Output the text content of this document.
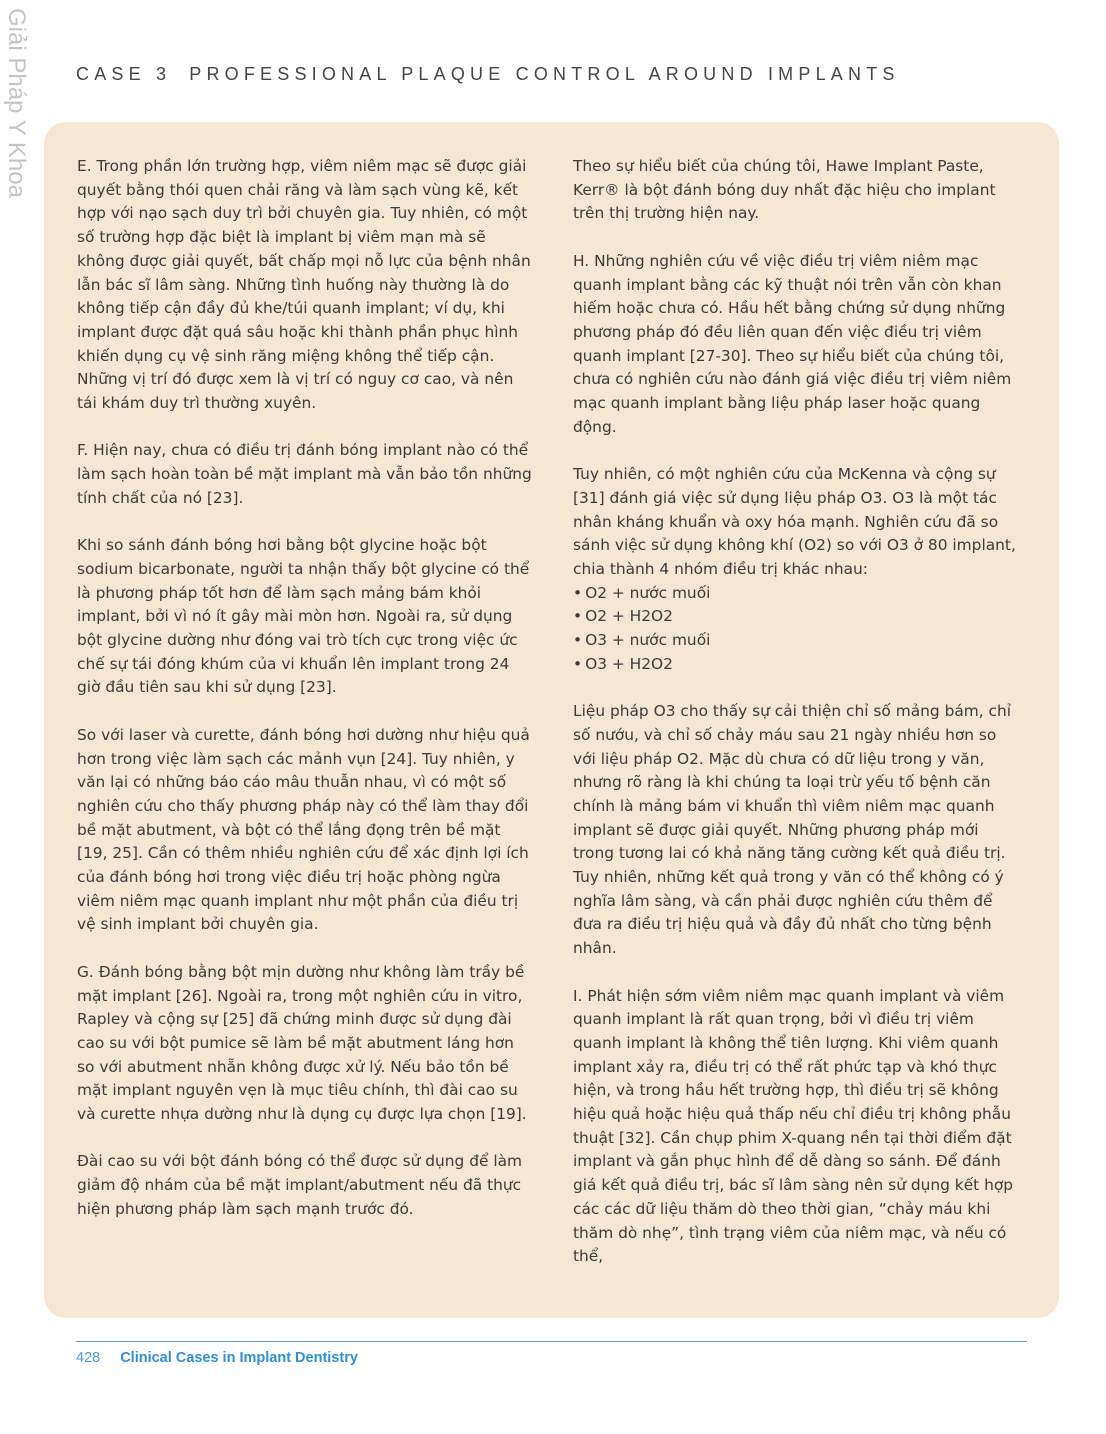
Giải Pháp Y Khoa	CASE 3 PROFESSIONAL PLAQUE CONTROL AROUND IMPLANTS

E. Trong phần lớn trường hợp, viêm niêm mạc sẽ được giải quyết bằng thói quen chải răng và làm sạch vùng kẽ, kết hợp với nạo sạch duy trì bởi chuyên gia. Tuy nhiên, có một số trường hợp đặc biệt là implant bị viêm mạn mà sẽ không được giải quyết, bất chấp mọi nỗ lực của bệnh nhân lẫn bác sĩ lâm sàng. Những tình huống này thường là do không tiếp cận đầy đủ khe/túi quanh implant; ví dụ, khi implant được đặt quá sâu hoặc khi thành phần phục hình khiến dụng cụ vệ sinh răng miệng không thể tiếp cận. Những vị trí đó được xem là vị trí có nguy cơ cao, và nên tái khám duy trì thường xuyên.

F. Hiện nay, chưa có điều trị đánh bóng implant nào có thể làm sạch hoàn toàn bề mặt implant mà vẫn bảo tồn những tính chất của nó [23].

Khi so sánh đánh bóng hơi bằng bột glycine hoặc bột sodium bicarbonate, người ta nhận thấy bột glycine có thể là phương pháp tốt hơn để làm sạch mảng bám khỏi implant, bởi vì nó ít gây mài mòn hơn. Ngoài ra, sử dụng bột glycine dường như đóng vai trò tích cực trong việc ức chế sự tái đóng khúm của vi khuẩn lên implant trong 24 giờ đầu tiên sau khi sử dụng [23].

So với laser và curette, đánh bóng hơi dường như hiệu quả hơn trong việc làm sạch các mảnh vụn [24]. Tuy nhiên, y văn lại có những báo cáo mâu thuẫn nhau, vì có một số nghiên cứu cho thấy phương pháp này có thể làm thay đổi bề mặt abutment, và bột có thể lắng đọng trên bề mặt [19, 25]. Cần có thêm nhiều nghiên cứu để xác định lợi ích của đánh bóng hơi trong việc điều trị hoặc phòng ngừa viêm niêm mạc quanh implant như một phần của điều trị vệ sinh implant bởi chuyên gia.

G. Đánh bóng bằng bột mịn dường như không làm trầy bề mặt implant [26]. Ngoài ra, trong một nghiên cứu in vitro, Rapley và cộng sự [25] đã chứng minh được sử dụng đài cao su với bột pumice sẽ làm bề mặt abutment láng hơn so với abutment nhẵn không được xử lý. Nếu bảo tồn bề mặt implant nguyên vẹn là mục tiêu chính, thì đài cao su và curette nhựa dường như là dụng cụ được lựa chọn [19].

Đài cao su với bột đánh bóng có thể được sử dụng để làm giảm độ nhám của bề mặt implant/abutment nếu đã thực hiện phương pháp làm sạch mạnh trước đó.

Theo sự hiểu biết của chúng tôi, Hawe Implant Paste, Kerr® là bột đánh bóng duy nhất đặc hiệu cho implant trên thị trường hiện nay.

H. Những nghiên cứu về việc điều trị viêm niêm mạc quanh implant bằng các kỹ thuật nói trên vẫn còn khan hiếm hoặc chưa có. Hầu hết bằng chứng sử dụng những phương pháp đó đều liên quan đến việc điều trị viêm quanh implant [27-30]. Theo sự hiểu biết của chúng tôi, chưa có nghiên cứu nào đánh giá việc điều trị viêm niêm mạc quanh implant bằng liệu pháp laser hoặc quang động.

Tuy nhiên, có một nghiên cứu của McKenna và cộng sự [31] đánh giá việc sử dụng liệu pháp O3. O3 là một tác nhân kháng khuẩn và oxy hóa mạnh. Nghiên cứu đã so sánh việc sử dụng không khí (O2) so với O3 ở 80 implant, chia thành 4 nhóm điều trị khác nhau:

• O2 + nước muối
• O2 + H2O2
• O3 + nước muối
• O3 + H2O2

Liệu pháp O3 cho thấy sự cải thiện chỉ số mảng bám, chỉ số nướu, và chỉ số chảy máu sau 21 ngày nhiều hơn so với liệu pháp O2. Mặc dù chưa có dữ liệu trong y văn, nhưng rõ ràng là khi chúng ta loại trừ yếu tố bệnh căn chính là mảng bám vi khuẩn thì viêm niêm mạc quanh implant sẽ được giải quyết. Những phương pháp mới trong tương lai có khả năng tăng cường kết quả điều trị. Tuy nhiên, những kết quả trong y văn có thể không có ý nghĩa lâm sàng, và cần phải được nghiên cứu thêm để đưa ra điều trị hiệu quả và đầy đủ nhất cho từng bệnh nhân.

I. Phát hiện sớm viêm niêm mạc quanh implant và viêm quanh implant là rất quan trọng, bởi vì điều trị viêm quanh implant là không thể tiên lượng. Khi viêm quanh implant xảy ra, điều trị có thể rất phức tạp và khó thực hiện, và trong hầu hết trường hợp, thì điều trị sẽ không hiệu quả hoặc hiệu quả thấp nếu chỉ điều trị không phẫu thuật [32]. Cần chụp phim X-quang nền tại thời điểm đặt implant và gắn phục hình để dễ dàng so sánh. Để đánh giá kết quả điều trị, bác sĩ lâm sàng nên sử dụng kết hợp các các dữ liệu thăm dò theo thời gian, “chảy máu khi thăm dò nhẹ”, tình trạng viêm của niêm mạc, và nếu có thể,

428 Clinical Cases in Implant Dentistry
